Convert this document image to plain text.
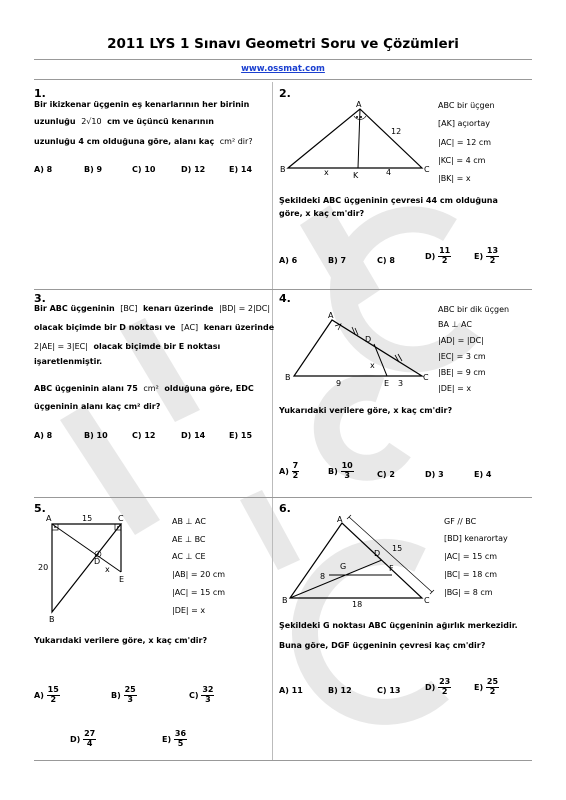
2011 LYS 1 Sınavı Geometri Soru ve Çözümleri
www.ossmat.com
1.
Bir ikizkenar üçgenin eş kenarlarının her birinin
uzunluğu 2√10 cm ve üçüncü kenarının
uzunluğu 4 cm olduğuna göre, alanı kaç cm² dir?
A) 8	B) 9	C) 10	D) 12	E) 14
2.
A
B	C
K
x	4
12
ABC bir üçgen
[AK] açıortay
|AC| = 12 cm
|KC| = 4 cm
|BK| = x
Şekildeki ABC üçgeninin çevresi 44 cm olduğuna
göre, x kaç cm'dir?
A) 6	B) 7	C) 8	$D) \frac{11}{2}$	$E) \frac{13}{2}$
3.
Bir ABC üçgeninin [BC] kenarı üzerinde |BD| = 2|DC|
olacak biçimde bir D noktası ve [AC] kenarı üzerinde
2|AE| = 3|EC| olacak biçimde bir E noktası
işaretlenmiştir.
ABC üçgeninin alanı 75 cm² olduğuna göre, EDC
üçgeninin alanı kaç cm² dir?
A) 8	B) 10	C) 12	D) 14	E) 15
4.
A
B	C
D
E
x
9	3
ABC bir dik üçgen
BA ⊥ AC
|AD| = |DC|
|EC| = 3 cm
|BE| = 9 cm
|DE| = x
Yukarıdaki verilere göre, x kaç cm'dir?
$A) \frac{7}{2}$	$B) \frac{10}{3}$	C) 2	D) 3	E) 4
5.
A	C
B
D
E
x
15
20
AB ⊥ AC
AE ⊥ BC
AC ⊥ CE
|AB| = 20 cm
|AC| = 15 cm
|DE| = x
Yukarıdaki verilere göre, x kaç cm'dir?
$A) \frac{15}{2}$	$B) \frac{25}{3}$	$C) \frac{32}{3}$
$D) \frac{27}{4}$	$E) \frac{36}{5}$
6.
A
B	C
D
F
G
8
15
18
GF // BC
[BD] kenarortay
|AC| = 15 cm
|BC| = 18 cm
|BG| = 8 cm
Şekildeki G noktası ABC üçgeninin ağırlık merkezidir.
Buna göre, DGF üçgeninin çevresi kaç cm'dir?
A) 11	B) 12	C) 13	$D) \frac{23}{2}$	$E) \frac{25}{2}$
